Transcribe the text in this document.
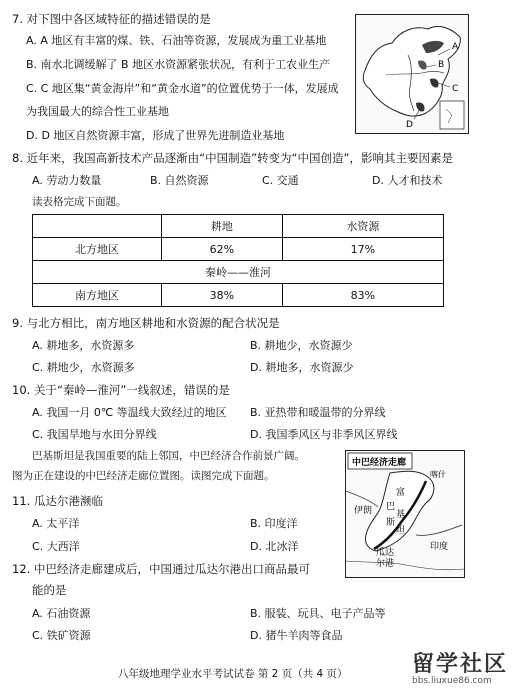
7. 对下图中各区域特征的描述错误的是
A. A 地区有丰富的煤、铁、石油等资源，发展成为重工业基地
B. 南水北调缓解了 B 地区水资源紧张状况，有利于工农业生产
C. C 地区集“黄金海岸”和“黄金水道”的位置优势于一体，发展成
为我国最大的综合性工业基地
D. D 地区自然资源丰富，形成了世界先进制造业基地
A
B
C
D
8. 近年来，我国高新技术产品逐渐由“中国制造”转变为“中国创造”，影响其主要因素是
A. 劳动力数量	B. 自然资源	C. 交通	D. 人才和技术
读表格完成下面题。
	耕地	水资源
北方地区	62%	17%
秦岭——淮河		
南方地区	38%	83%
9. 与北方相比，南方地区耕地和水资源的配合状况是
A. 耕地多，水资源多	B. 耕地少，水资源少
C. 耕地少，水资源多	D. 耕地多，水资源少
10. 关于“秦岭—淮河”一线叙述，错误的是
A. 我国一月 0℃ 等温线大致经过的地区 B. 亚热带和暖温带的分界线
C. 我国旱地与水田分界线	D. 我国季风区与非季风区界线
巴基斯坦是我国重要的陆上邻国，中巴经济合作前景广阔。
图为正在建设的中巴经济走廊位置图。读图完成下面题。
中巴经济走廊
伊朗
喀什
富
巴
基
斯
坦
瓜达
尔港
印度
11. 瓜达尔港濒临
A. 太平洋	B. 印度洋
C. 大西洋	D. 北冰洋
12. 中巴经济走廊建成后，中国通过瓜达尔港出口商品最可
能的是
A. 石油资源	B. 服装、玩具、电子产品等
C. 铁矿资源	D. 猪牛羊肉等食品
八年级地理学业水平考试试卷 第 2 页（共 4 页）	留学社区
bbs.liuxue86.com
